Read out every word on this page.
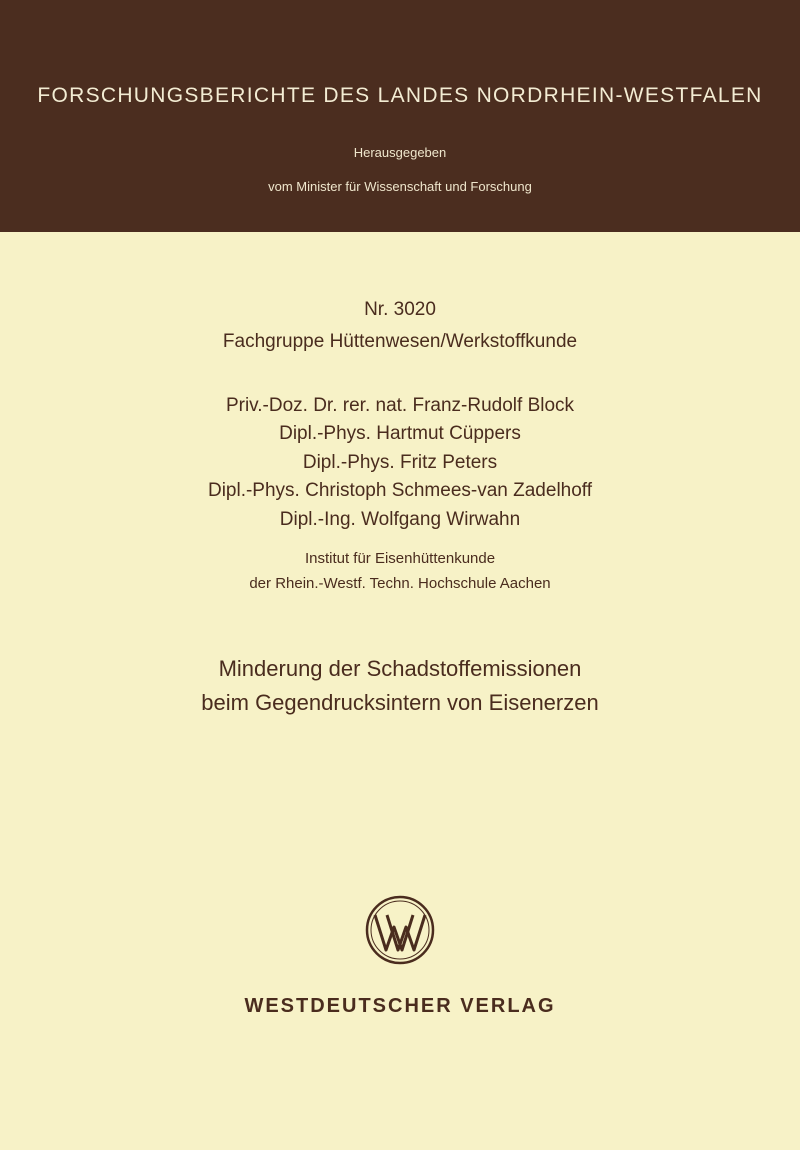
FORSCHUNGSBERICHTE DES LANDES NORDRHEIN-WESTFALEN
Herausgegeben
vom Minister für Wissenschaft und Forschung
Nr. 3020
Fachgruppe Hüttenwesen/Werkstoffkunde
Priv.-Doz. Dr. rer. nat. Franz-Rudolf Block
Dipl.-Phys. Hartmut Cüppers
Dipl.-Phys. Fritz Peters
Dipl.-Phys. Christoph Schmees-van Zadelhoff
Dipl.-Ing. Wolfgang Wirwahn
Institut für Eisenhüttenkunde
der Rhein.-Westf. Techn. Hochschule Aachen
Minderung der Schadstoffemissionen
beim Gegendrucksintern von Eisenerzen
WESTDEUTSCHER VERLAG
